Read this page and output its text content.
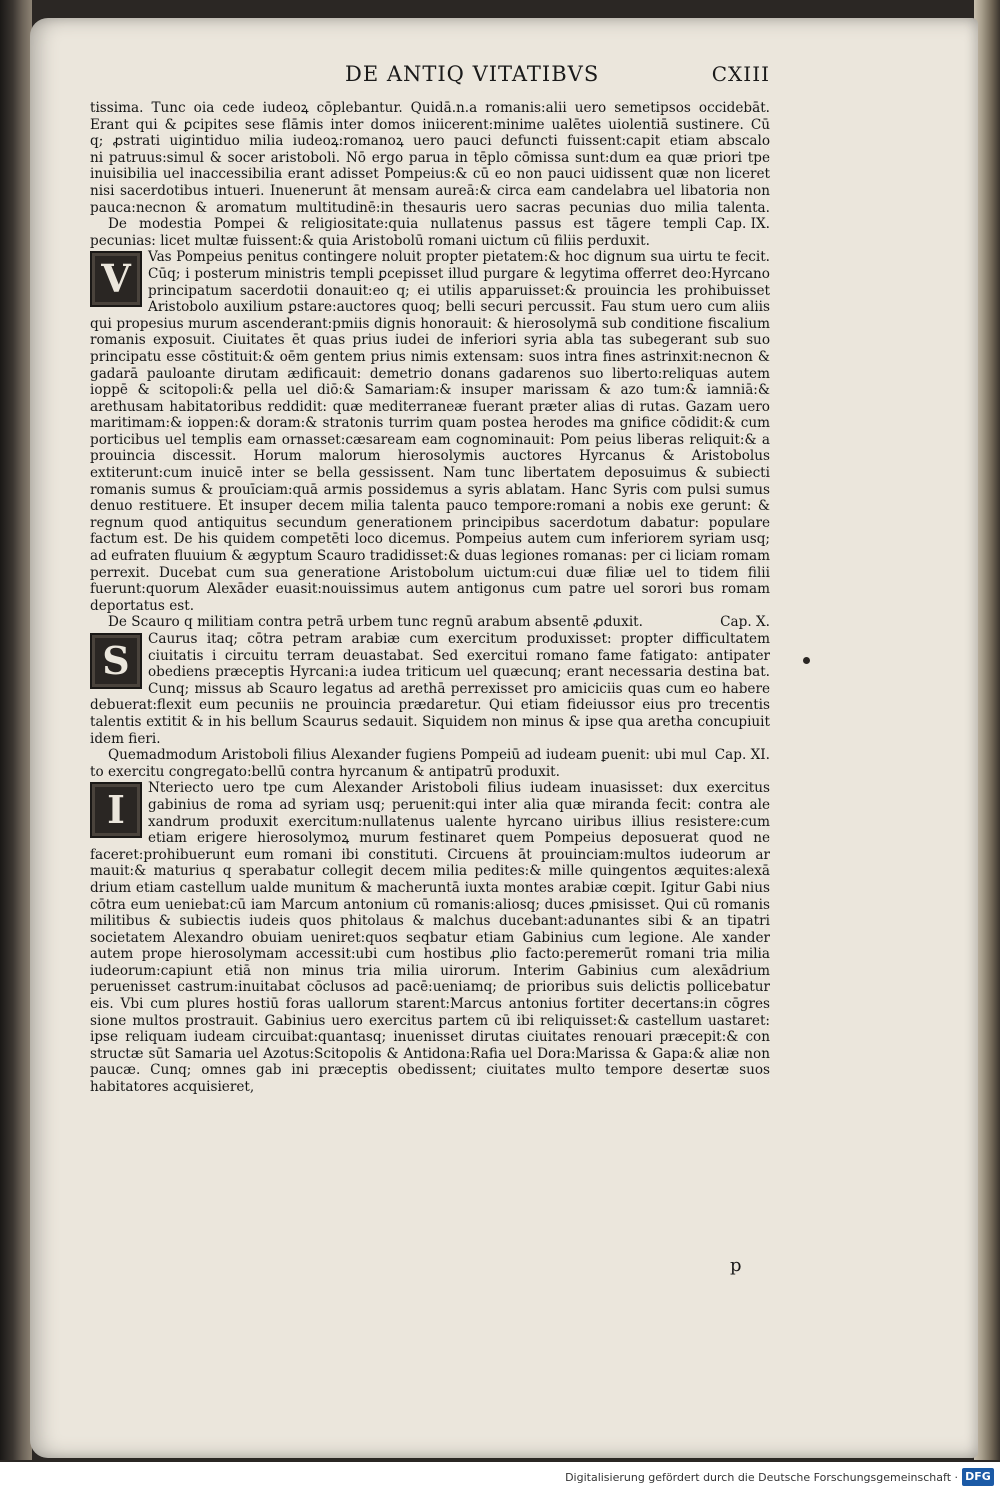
DE ANTIQ VITATIBVS	CXIII

tissima. Tunc oia cede iudeoꝝ cōplebantur. Quidā.n.a romanis:alii uero semetipsos occidebāt.

Erant qui & ꝑcipites sese flāmis inter domos iniicerent:minime ualētes uiolentiā sustinere. Cū

q; ꝓstrati uigintiduo milia iudeoꝝ:romanoꝝ uero pauci defuncti fuissent:capit etiam abscalo

ni patruus:simul & socer aristoboli. Nō ergo parua in tēplo cōmissa sunt:dum ea quæ priori tpe

inuisibilia uel inaccessibilia erant adisset Pompeius:& cū eo non pauci uidissent quæ non liceret

nisi sacerdotibus intueri. Inuenerunt āt mensam aureā:& circa eam candelabra uel libatoria non

pauca:necnon & aromatum multitudinē:in thesauris uero sacras pecunias duo milia talenta.

Cap. IX.

De modestia Pompei & religiositate:quia nullatenus passus est tāgere templi pecunias: licet multæ fuissent:& quia Aristobolū romani uictum cū filiis perduxit.

V	Vas Pompeius penitus contingere noluit propter pietatem:& hoc dignum sua uirtu te fecit. Cūq; i posterum ministris templi ꝑcepisset illud purgare & legytima offerret deo:Hyrcano principatum sacerdotii donauit:eo q; ei utilis apparuisset:& prouincia les prohibuisset Aristobolo auxilium ꝑstare:auctores quoq; belli securi percussit. Fau stum uero cum aliis qui propesius murum ascenderant:pmiis dignis honorauit: & hierosolymā sub conditione fiscalium romanis exposuit. Ciuitates ēt quas prius iudei de inferiori syria abla tas subegerant sub suo principatu esse cōstituit:& oēm gentem prius nimis extensam: suos intra fines astrinxit:necnon & gadarā pauloante dirutam ædificauit: demetrio donans gadarenos suo liberto:reliquas autem ioppē & scitopoli:& pella uel diō:& Samariam:& insuper marissam & azo tum:& iamniā:& arethusam habitatoribus reddidit: quæ mediterraneæ fuerant præter alias di rutas. Gazam uero maritimam:& ioppen:& doram:& stratonis turrim quam postea herodes ma gnifice cōdidit:& cum porticibus uel templis eam ornasset:cæsaream eam cognominauit: Pom peius liberas reliquit:& a prouincia discessit. Horum malorum hierosolymis auctores Hyrcanus & Aristobolus extiterunt:cum inuicē inter se bella gessissent. Nam tunc libertatem deposuimus & subiecti romanis sumus & prouīciam:quā armis possidemus a syris ablatam. Hanc Syris com pulsi sumus denuo restituere. Et insuper decem milia talenta pauco tempore:romani a nobis exe gerunt: & regnum quod antiquitus secundum generationem principibus sacerdotum dabatur: populare factum est. De his quidem competēti loco dicemus. Pompeius autem cum inferiorem syriam usq; ad eufraten fluuium & ægyptum Scauro tradidisset:& duas legiones romanas: per ci liciam romam perrexit. Ducebat cum sua generatione Aristobolum uictum:cui duæ filiæ uel to tidem filii fuerunt:quorum Alexāder euasit:nouissimus autem antigonus cum patre uel sorori bus romam deportatus est.

Cap. X.

De Scauro q militiam contra petrā urbem tunc regnū arabum absentē ꝓduxit.

S	Caurus itaq; cōtra petram arabiæ cum exercitum produxisset: propter difficultatem ciuitatis i circuitu terram deuastabat. Sed exercitui romano fame fatigato: antipater obediens præceptis Hyrcani:a iudea triticum uel quæcunq; erant necessaria destina bat. Cunq; missus ab Scauro legatus ad arethā perrexisset pro amiciciis quas cum eo habere debuerat:flexit eum pecuniis ne prouincia prædaretur. Qui etiam fideiussor eius pro trecentis talentis extitit & in his bellum Scaurus sedauit. Siquidem non minus & ipse qua aretha concupiuit idem fieri.

Cap. XI.

Quemadmodum Aristoboli filius Alexander fugiens Pompeiū ad iudeam ꝑuenit: ubi mul to exercitu congregato:bellū contra hyrcanum & antipatrū produxit.

I	Nteriecto uero tpe cum Alexander Aristoboli filius iudeam inuasisset: dux exercitus gabinius de roma ad syriam usq; peruenit:qui inter alia quæ miranda fecit: contra ale xandrum produxit exercitum:nullatenus ualente hyrcano uiribus illius resistere:cum etiam erigere hierosolymoꝝ murum festinaret quem Pompeius deposuerat quod ne faceret:prohibuerunt eum romani ibi constituti. Circuens āt prouinciam:multos iudeorum ar mauit:& maturius q sperabatur collegit decem milia pedites:& mille quingentos æquites:alexā drium etiam castellum ualde munitum & macheruntā iuxta montes arabiæ cœpit. Igitur Gabi nius cōtra eum ueniebat:cū iam Marcum antonium cū romanis:aliosq; duces ꝓmisisset. Qui cū romanis militibus & subiectis iudeis quos phitolaus & malchus ducebant:adunantes sibi & an tipatri societatem Alexandro obuiam ueniret:quos seqbatur etiam Gabinius cum legione. Ale xander autem prope hierosolymam accessit:ubi cum hostibus ꝓlio facto:peremerūt romani tria milia iudeorum:capiunt etiā non minus tria milia uirorum. Interim Gabinius cum alexādrium peruenisset castrum:inuitabat cōclusos ad pacē:ueniamq; de prioribus suis delictis pollicebatur eis. Vbi cum plures hostiū foras uallorum starent:Marcus antonius fortiter decertans:in cōgres sione multos prostrauit. Gabinius uero exercitus partem cū ibi reliquisset:& castellum uastaret: ipse reliquam iudeam circuibat:quantasq; inuenisset dirutas ciuitates renouari præcepit:& con structæ sūt Samaria uel Azotus:Scitopolis & Antidona:Rafia uel Dora:Marissa & Gapa:& aliæ non paucæ. Cunq; omnes gab ini præceptis obedissent; ciuitates multo tempore desertæ suos habitatores acquisieret,

p
Digitalisierung gefördert durch die Deutsche Forschungsgemeinschaft · DFG
